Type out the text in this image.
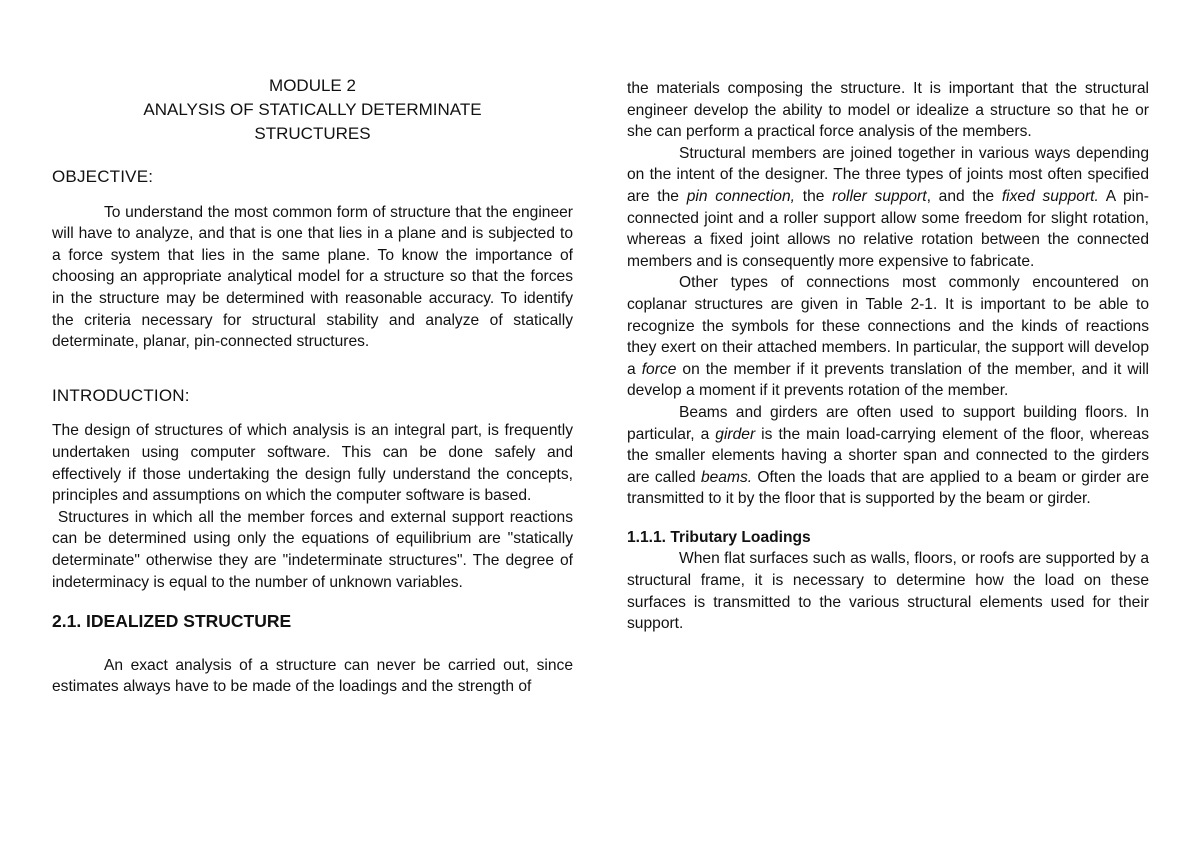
MODULE 2
ANALYSIS OF STATICALLY DETERMINATE
STRUCTURES
OBJECTIVE:

To understand the most common form of structure that the engineer will have to analyze, and that is one that lies in a plane and is subjected to a force system that lies in the same plane. To know the importance of choosing an appropriate analytical model for a structure so that the forces in the structure may be determined with reasonable accuracy. To identify the criteria necessary for structural stability and analyze of statically determinate, planar, pin-connected structures.

INTRODUCTION:

The design of structures of which analysis is an integral part, is frequently undertaken using computer software. This can be done safely and effectively if those undertaking the design fully understand the concepts, principles and assumptions on which the computer software is based.

Structures in which all the member forces and external support reactions can be determined using only the equations of equilibrium are "statically determinate" otherwise they are "indeterminate structures". The degree of indeterminacy is equal to the number of unknown variables.

2.1. IDEALIZED STRUCTURE

An exact analysis of a structure can never be carried out, since estimates always have to be made of the loadings and the strength of

the materials composing the structure. It is important that the structural engineer develop the ability to model or idealize a structure so that he or she can perform a practical force analysis of the members.

Structural members are joined together in various ways depending on the intent of the designer. The three types of joints most often specified are the pin connection, the roller support, and the fixed support. A pin-connected joint and a roller support allow some freedom for slight rotation, whereas a fixed joint allows no relative rotation between the connected members and is consequently more expensive to fabricate.

Other types of connections most commonly encountered on coplanar structures are given in Table 2-1. It is important to be able to recognize the symbols for these connections and the kinds of reactions they exert on their attached members. In particular, the support will develop a force on the member if it prevents translation of the member, and it will develop a moment if it prevents rotation of the member.

Beams and girders are often used to support building floors. In particular, a girder is the main load-carrying element of the floor, whereas the smaller elements having a shorter span and connected to the girders are called beams. Often the loads that are applied to a beam or girder are transmitted to it by the floor that is supported by the beam or girder.

1.1.1. Tributary Loadings

When flat surfaces such as walls, floors, or roofs are supported by a structural frame, it is necessary to determine how the load on these surfaces is transmitted to the various structural elements used for their support.
